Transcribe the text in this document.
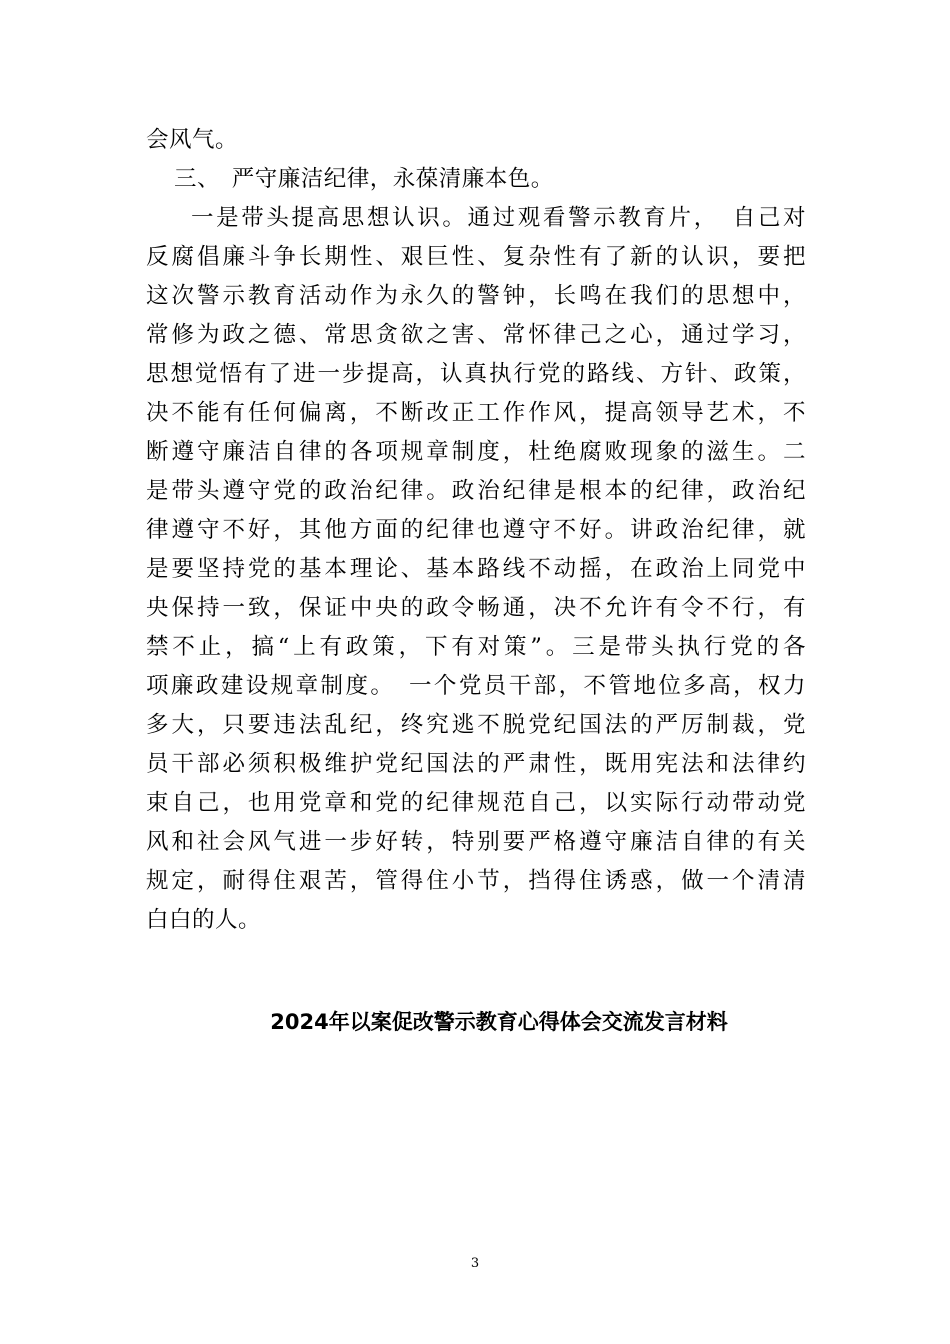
会风气。
三、　严守廉洁纪律，永葆清廉本色。
一是带头提高思想认识。通过观看警示教育片，　自己对
反腐倡廉斗争长期性、艰巨性、复杂性有了新的认识，要把
这次警示教育活动作为永久的警钟，长鸣在我们的思想中，
常修为政之德、常思贪欲之害、常怀律己之心，通过学习，
思想觉悟有了进一步提高，认真执行党的路线、方针、政策，
决不能有任何偏离，不断改正工作作风，提高领导艺术，不
断遵守廉洁自律的各项规章制度，杜绝腐败现象的滋生。二
是带头遵守党的政治纪律。政治纪律是根本的纪律，政治纪
律遵守不好，其他方面的纪律也遵守不好。讲政治纪律，就
是要坚持党的基本理论、基本路线不动摇，在政治上同党中
央保持一致，保证中央的政令畅通，决不允许有令不行，有
禁不止，搞“上有政策，下有对策”。三是带头执行党的各
项廉政建设规章制度。　一个党员干部，不管地位多高，权力
多大，只要违法乱纪，终究逃不脱党纪国法的严厉制裁，党
员干部必须积极维护党纪国法的严肃性，既用宪法和法律约
束自己，也用党章和党的纪律规范自己，以实际行动带动党
风和社会风气进一步好转，特别要严格遵守廉洁自律的有关
规定，耐得住艰苦，管得住小节，挡得住诱惑，做一个清清
白白的人。
2024年以案促改警示教育心得体会交流发言材料
3
